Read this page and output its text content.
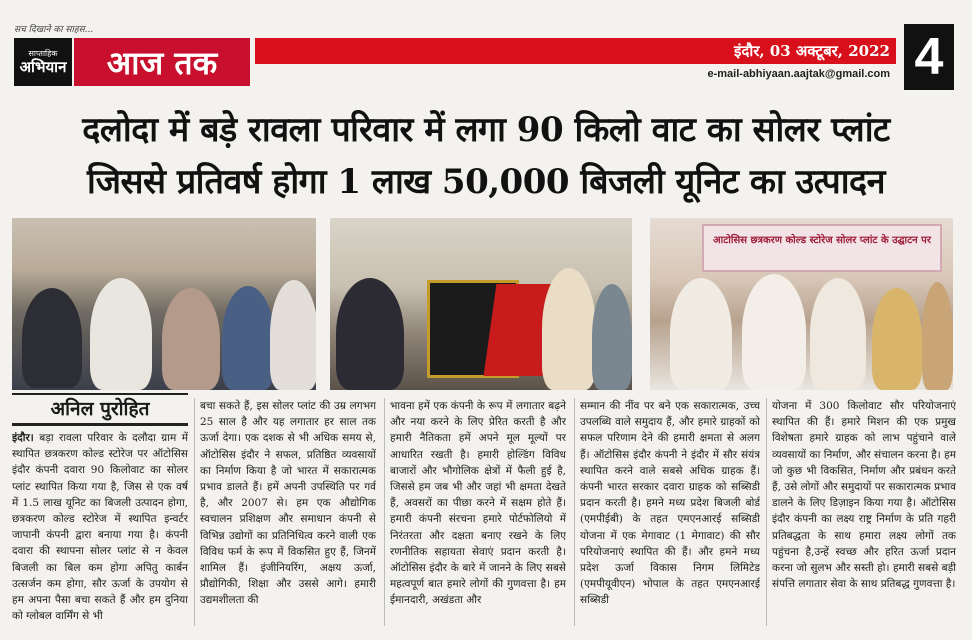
सच दिखाने का साहस...
साप्ताहिक
अभियान	आज तक	इंदौर, 03 अक्टूबर, 2022
e-mail-abhiyaan.aajtak@gmail.com 4
दलोदा में बड़े रावला परिवार में लगा 90 किलो वाट का सोलर प्लांट
जिससे प्रतिवर्ष होगा 1 लाख 50,000 बिजली यूनिट का उत्पादन
आटोसिस छत्रकरण कोल्ड स्टोरेज सोलर प्लांट के उद्घाटन पर
अनिल पुरोहित
इंदौर। बड़ा रावला परिवार के दलौदा ग्राम में स्थापित छत्रकरण कोल्ड स्टोरेज पर ऑटोसिस इंदौर कंपनी दवारा 90 किलोवाट का सोलर प्लांट स्थापित किया गया है, जिस से एक वर्ष में 1.5 लाख यूनिट का बिजली उत्पादन होगा, छत्रकरण कोल्ड स्टोरेज में स्थापित इन्वर्टर जापानी कंपनी द्वारा बनाया गया है। कंपनी दवारा की स्थापना सोलर प्लांट से न केवल बिजली का बिल कम होगा अपितु कार्बन उत्सर्जन कम होगा, सौर ऊर्जा के उपयोग से हम अपना पैसा बचा सकते हैं और हम दुनिया को ग्लोबल वार्मिंग से भी
बचा सकते हैं, इस सोलर प्लांट की उम्र लगभग 25 साल है और यह लगातार हर साल तक ऊर्जा देगा। एक दशक से भी अधिक समय से, ऑटोसिस इंदौर ने सफल, प्रतिष्ठित व्यवसायों का निर्माण किया है जो भारत में सकारात्मक प्रभाव डालते हैं। हमें अपनी उपस्थिति पर गर्व है, और 2007 से। हम एक औद्योगिक स्वचालन प्रशिक्षण और समाधान कंपनी से विभिन्न उद्योगों का प्रतिनिधित्व करने वाली एक विविध फर्म के रूप में विकसित हुए हैं, जिनमें शामिल हैं। इंजीनियरिंग, अक्षय ऊर्जा, प्रौद्योगिकी, शिक्षा और उससे आगे। हमारी उद्यमशीलता की
भावना हमें एक कंपनी के रूप में लगातार बढ़ने और नया करने के लिए प्रेरित करती है और हमारी नैतिकता हमें अपने मूल मूल्यों पर आधारित रखती है। हमारी होल्डिंग विविध बाजारों और भौगोलिक क्षेत्रों में फैली हुई है, जिससे हम जब भी और जहां भी क्षमता देखते हैं, अवसरों का पीछा करने में सक्षम होते हैं। हमारी कंपनी संरचना हमारे पोर्टफोलियो में निरंतरता और दक्षता बनाए रखने के लिए रणनीतिक सहायता सेवाएं प्रदान करती है। ऑटोसिस इंदौर के बारे में जानने के लिए सबसे महत्वपूर्ण बात हमारे लोगों की गुणवत्ता है। हम ईमानदारी, अखंडता और
सम्मान की नींव पर बने एक सकारात्मक, उच्च उपलब्धि वाले समुदाय हैं, और हमारे ग्राहकों को सफल परिणाम देने की हमारी क्षमता से अलग हैं। ऑटोसिस इंदौर कंपनी ने इंदौर में सौर संयंत्र स्थापित करने वाले सबसे अधिक ग्राहक हैं। कंपनी भारत सरकार दवारा ग्राहक को सब्सिडी प्रदान करती है। हमने मध्य प्रदेश बिजली बोर्ड (एमपीईबी) के तहत एमएनआरई सब्सिडी योजना में एक मेगावाट (1 मेगावाट) की सौर परियोजनाएं स्थापित की हैं। और हमने मध्य प्रदेश ऊर्जा विकास निगम लिमिटेड (एमपीयूवीएन) भोपाल के तहत एमएनआरई सब्सिडी
योजना में 300 किलोवाट सौर परियोजनाएं स्थापित की हैं। हमारे मिशन की एक प्रमुख विशेषता हमारे ग्राहक को लाभ पहुंचाने वाले व्यवसायों का निर्माण, और संचालन करना है। हम जो कुछ भी विकसित, निर्माण और प्रबंधन करते हैं, उसे लोगों और समुदायों पर सकारात्मक प्रभाव डालने के लिए डिज़ाइन किया गया है। ऑटोसिस इंदौर कंपनी का लक्ष्य राष्ट्र निर्माण के प्रति गहरी प्रतिबद्धता के साथ हमारा लक्ष्य लोगों तक पहुंचना है,उन्हें स्वच्छ और हरित ऊर्जा प्रदान करना जो सुलभ और सस्ती हो। हमारी सबसे बड़ी संपत्ति लगातार सेवा के साथ प्रतिबद्ध गुणवत्ता है।
